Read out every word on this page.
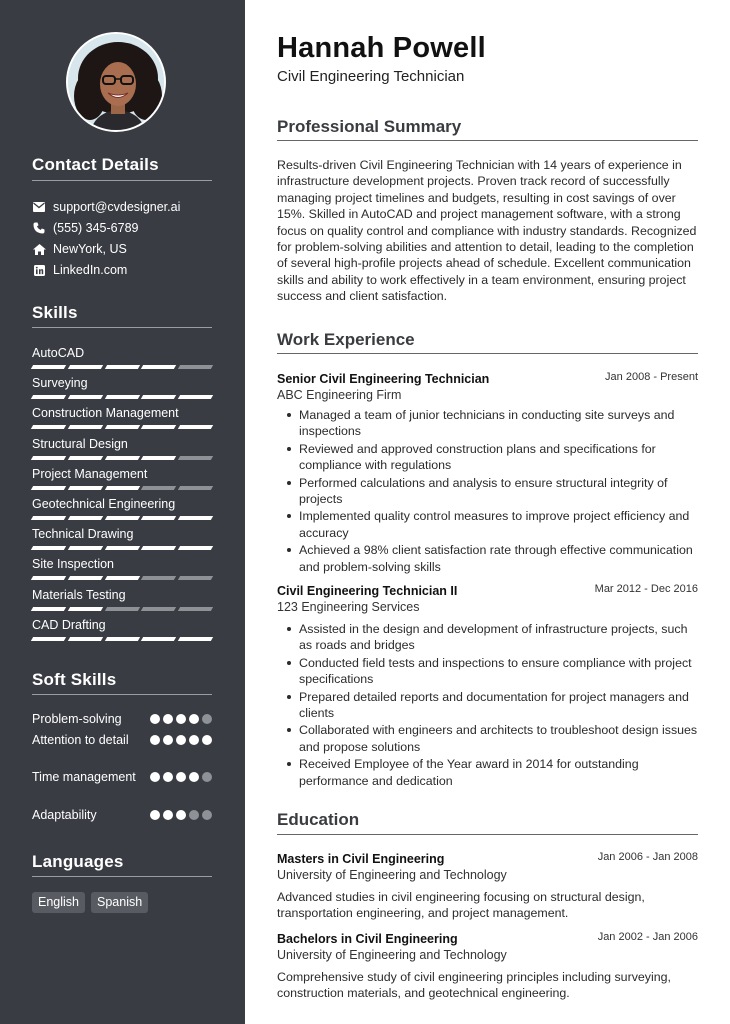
Contact Details
support@cvdesigner.ai
(555) 345-6789
NewYork, US
LinkedIn.com
Skills
AutoCAD
Surveying
Construction Management
Structural Design
Project Management
Geotechnical Engineering
Technical Drawing
Site Inspection
Materials Testing
CAD Drafting
Soft Skills
Problem-solving
Attention to detail
Time management
Adaptability
Languages
English	Spanish
Hannah Powell
Civil Engineering Technician
Professional Summary
Results-driven Civil Engineering Technician with 14 years of experience in infrastructure development projects. Proven track record of successfully managing project timelines and budgets, resulting in cost savings of over 15%. Skilled in AutoCAD and project management software, with a strong focus on quality control and compliance with industry standards. Recognized for problem-solving abilities and attention to detail, leading to the completion of several high-profile projects ahead of schedule. Excellent communication skills and ability to work effectively in a team environment, ensuring project success and client satisfaction.
Work Experience
Senior Civil Engineering Technician	Jan 2008 - Present
ABC Engineering Firm
Managed a team of junior technicians in conducting site surveys and inspections
Reviewed and approved construction plans and specifications for compliance with regulations
Performed calculations and analysis to ensure structural integrity of projects
Implemented quality control measures to improve project efficiency and accuracy
Achieved a 98% client satisfaction rate through effective communication and problem-solving skills
Civil Engineering Technician II	Mar 2012 - Dec 2016
123 Engineering Services
Assisted in the design and development of infrastructure projects, such as roads and bridges
Conducted field tests and inspections to ensure compliance with project specifications
Prepared detailed reports and documentation for project managers and clients
Collaborated with engineers and architects to troubleshoot design issues and propose solutions
Received Employee of the Year award in 2014 for outstanding performance and dedication
Education
Masters in Civil Engineering	Jan 2006 - Jan 2008
University of Engineering and Technology
Advanced studies in civil engineering focusing on structural design, transportation engineering, and project management.
Bachelors in Civil Engineering	Jan 2002 - Jan 2006
University of Engineering and Technology
Comprehensive study of civil engineering principles including surveying, construction materials, and geotechnical engineering.
